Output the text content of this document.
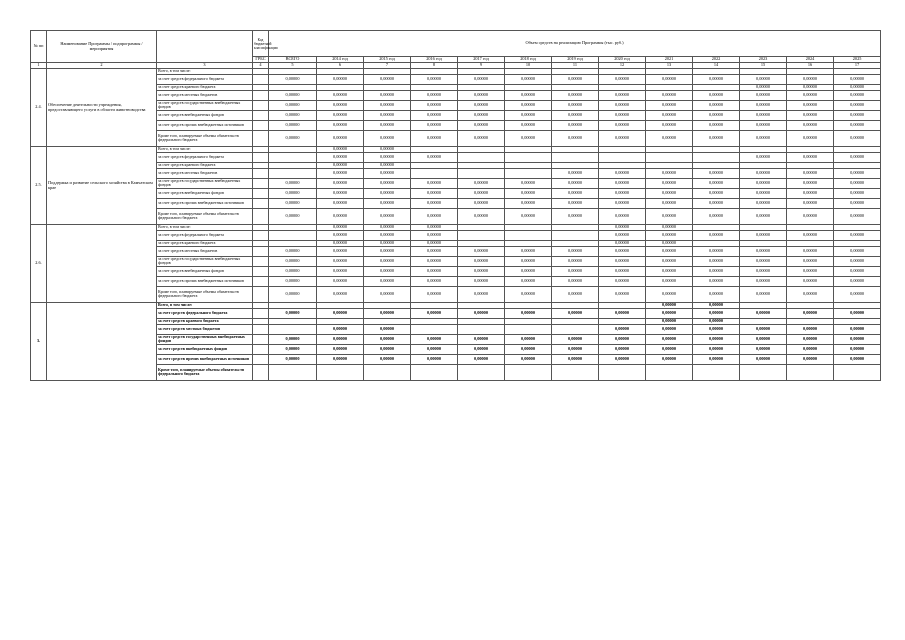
№ пп	Наименование Программы / подпрограммы / мероприятия		Код бюджетной классификации	Объем средств на реализацию Программы (тыс. руб.)												
			ГРБС	ВСЕГО	2014 год	2015 год	2016 год	2017 год	2018 год	2019 год	2020 год	2021	2022	2023	2024	2025
1	2	3	4	5	6	7	8	9	10	11	12	13	14	15	16	17
2.4.	Обеспечение деятельности учреждения, предоставляющего услуги в области животноводства	Всего, в том числе:														
		за счет средств федерального бюджета		0,00000	0,00000	0,00000	0,00000	0,00000	0,00000	0,00000	0,00000	0,00000	0,00000	0,00000	0,00000	0,00000
		за счет средств краевого бюджета												0,00000	0,00000	0,00000
		за счет средств местных бюджетов		0,00000	0,00000	0,00000	0,00000	0,00000	0,00000	0,00000	0,00000	0,00000	0,00000	0,00000	0,00000	0,00000
		за счет средств государственных внебюджетных фондов		0,00000	0,00000	0,00000	0,00000	0,00000	0,00000	0,00000	0,00000	0,00000	0,00000	0,00000	0,00000	0,00000
		за счет средств внебюджетных фондов		0,00000	0,00000	0,00000	0,00000	0,00000	0,00000	0,00000	0,00000	0,00000	0,00000	0,00000	0,00000	0,00000
		за счет средств прочих внебюджетных источников		0,00000	0,00000	0,00000	0,00000	0,00000	0,00000	0,00000	0,00000	0,00000	0,00000	0,00000	0,00000	0,00000
		Кроме того, планируемые объемы обязательств федерального бюджета		0,00000	0,00000	0,00000	0,00000	0,00000	0,00000	0,00000	0,00000	0,00000	0,00000	0,00000	0,00000	0,00000
2.5.	Поддержка и развитие сельского хозяйства в Камчатском крае	Всего, в том числе:			0,00000	0,00000										
		за счет средств федерального бюджета			0,00000	0,00000	0,00000							0,00000	0,00000	0,00000
		за счет средств краевого бюджета			0,00000	0,00000										
		за счет средств местных бюджетов			0,00000	0,00000				0,00000	0,00000	0,00000	0,00000	0,00000	0,00000	0,00000
		за счет средств государственных внебюджетных фондов		0,00000	0,00000	0,00000	0,00000	0,00000	0,00000	0,00000	0,00000	0,00000	0,00000	0,00000	0,00000	0,00000
		за счет средств внебюджетных фондов		0,00000	0,00000	0,00000	0,00000	0,00000	0,00000	0,00000	0,00000	0,00000	0,00000	0,00000	0,00000	0,00000
		за счет средств прочих внебюджетных источников		0,00000	0,00000	0,00000	0,00000	0,00000	0,00000	0,00000	0,00000	0,00000	0,00000	0,00000	0,00000	0,00000
		Кроме того, планируемые объемы обязательств федерального бюджета		0,00000	0,00000	0,00000	0,00000	0,00000	0,00000	0,00000	0,00000	0,00000	0,00000	0,00000	0,00000	0,00000
2.6.		Всего, в том числе:			0,00000	0,00000	0,00000				0,00000	0,00000				
		за счет средств федерального бюджета			0,00000	0,00000	0,00000				0,00000	0,00000	0,00000	0,00000	0,00000	0,00000
		за счет средств краевого бюджета			0,00000	0,00000	0,00000				0,00000	0,00000				
		за счет средств местных бюджетов		0,00000	0,00000	0,00000	0,00000	0,00000	0,00000	0,00000	0,00000	0,00000	0,00000	0,00000	0,00000	0,00000
		за счет средств государственных внебюджетных фондов		0,00000	0,00000	0,00000	0,00000	0,00000	0,00000	0,00000	0,00000	0,00000	0,00000	0,00000	0,00000	0,00000
		за счет средств внебюджетных фондов		0,00000	0,00000	0,00000	0,00000	0,00000	0,00000	0,00000	0,00000	0,00000	0,00000	0,00000	0,00000	0,00000
		за счет средств прочих внебюджетных источников		0,00000	0,00000	0,00000	0,00000	0,00000	0,00000	0,00000	0,00000	0,00000	0,00000	0,00000	0,00000	0,00000
		Кроме того, планируемые объемы обязательств федерального бюджета		0,00000	0,00000	0,00000	0,00000	0,00000	0,00000	0,00000	0,00000	0,00000	0,00000	0,00000	0,00000	0,00000
3.		Всего, в том числе:										0,00000	0,00000			
		за счет средств федерального бюджета		0,00000	0,00000	0,00000	0,00000	0,00000	0,00000	0,00000	0,00000	0,00000	0,00000	0,00000	0,00000	0,00000
		за счет средств краевого бюджета										0,00000	0,00000			
		за счет средств местных бюджетов			0,00000	0,00000					0,00000	0,00000	0,00000	0,00000	0,00000	0,00000
		за счет средств государственных внебюджетных фондов		0,00000	0,00000	0,00000	0,00000	0,00000	0,00000	0,00000	0,00000	0,00000	0,00000	0,00000	0,00000	0,00000
		за счет средств внебюджетных фондов		0,00000	0,00000	0,00000	0,00000	0,00000	0,00000	0,00000	0,00000	0,00000	0,00000	0,00000	0,00000	0,00000
		за счет средств прочих внебюджетных источников		0,00000	0,00000	0,00000	0,00000	0,00000	0,00000	0,00000	0,00000	0,00000	0,00000	0,00000	0,00000	0,00000
		Кроме того, планируемые объемы обязательств федерального бюджета														
